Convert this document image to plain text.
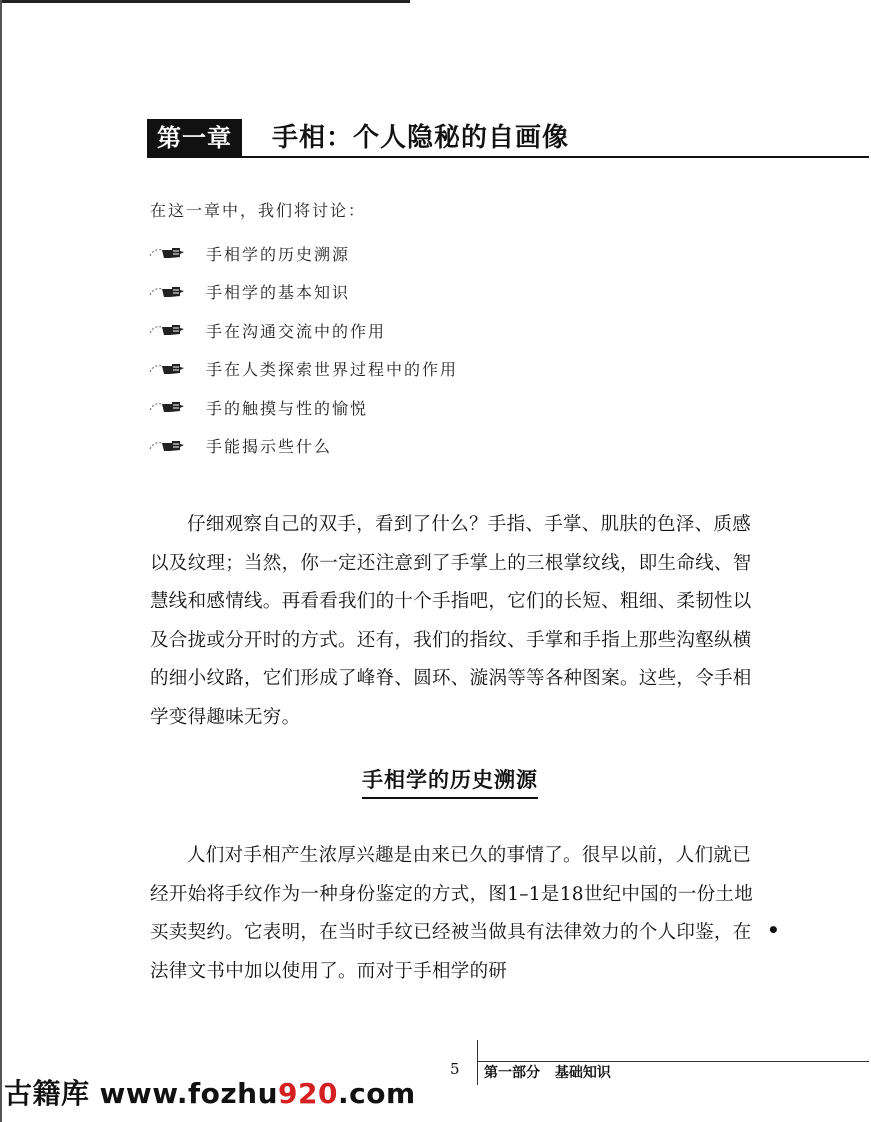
第一章	手相：个人隐秘的自画像
在这一章中，我们将讨论：
手相学的历史溯源
手相学的基本知识
手在沟通交流中的作用
手在人类探索世界过程中的作用
手的触摸与性的愉悦
手能揭示些什么

仔细观察自己的双手，看到了什么？手指、手掌、肌肤的色泽、质感以及纹理；当然，你一定还注意到了手掌上的三根掌纹线，即生命线、智慧线和感情线。再看看我们的十个手指吧，它们的长短、粗细、柔韧性以及合拢或分开时的方式。还有，我们的指纹、手掌和手指上那些沟壑纵横的细小纹路，它们形成了峰脊、圆环、漩涡等等各种图案。这些，令手相学变得趣味无穷。

手相学的历史溯源

人们对手相产生浓厚兴趣是由来已久的事情了。很早以前，人们就已经开始将手纹作为一种身份鉴定的方式，图1–1是18世纪中国的一份土地买卖契约。它表明，在当时手纹已经被当做具有法律效力的个人印鉴，在法律文书中加以使用了。而对于手相学的研

•
5 第一部分 基础知识
古籍库 www.fozhu920.com
